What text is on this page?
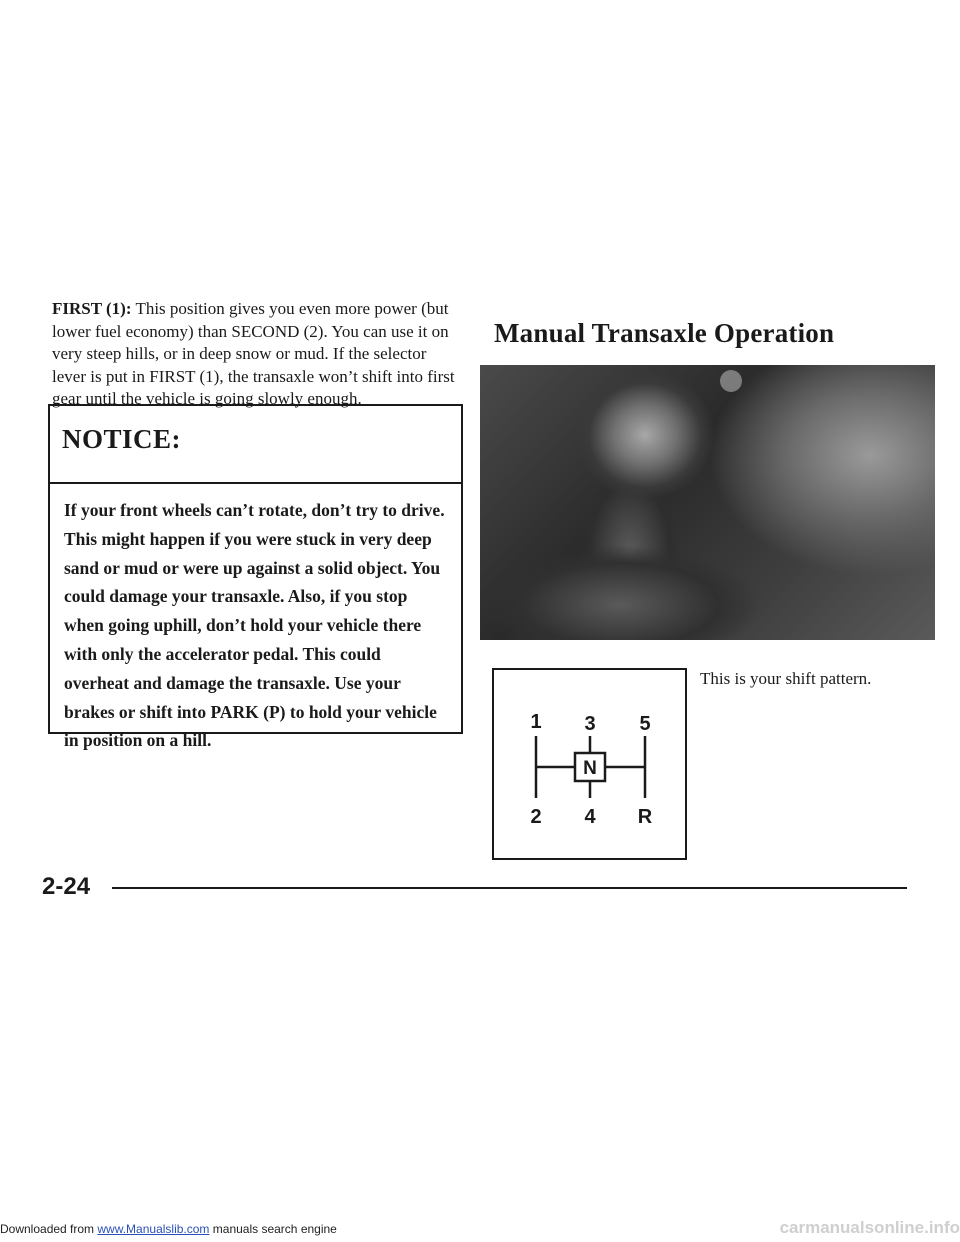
FIRST (1): This position gives you even more power (but lower fuel economy) than SECOND (2). You can use it on very steep hills, or in deep snow or mud. If the selector lever is put in FIRST (1), the transaxle won’t shift into first gear until the vehicle is going slowly enough.

NOTICE:

If your front wheels can’t rotate, don’t try to drive. This might happen if you were stuck in very deep sand or mud or were up against a solid object. You could damage your transaxle. Also, if you stop when going uphill, don’t hold your vehicle there with only the accelerator pedal. This could overheat and damage the transaxle. Use your brakes or shift into PARK (P) to hold your vehicle in position on a hill.

Manual Transaxle Operation
1 3 5
2 4 R
N

This is your shift pattern.

2-24

Downloaded from www.Manualslib.com manuals search engine	carmanualsonline.info
